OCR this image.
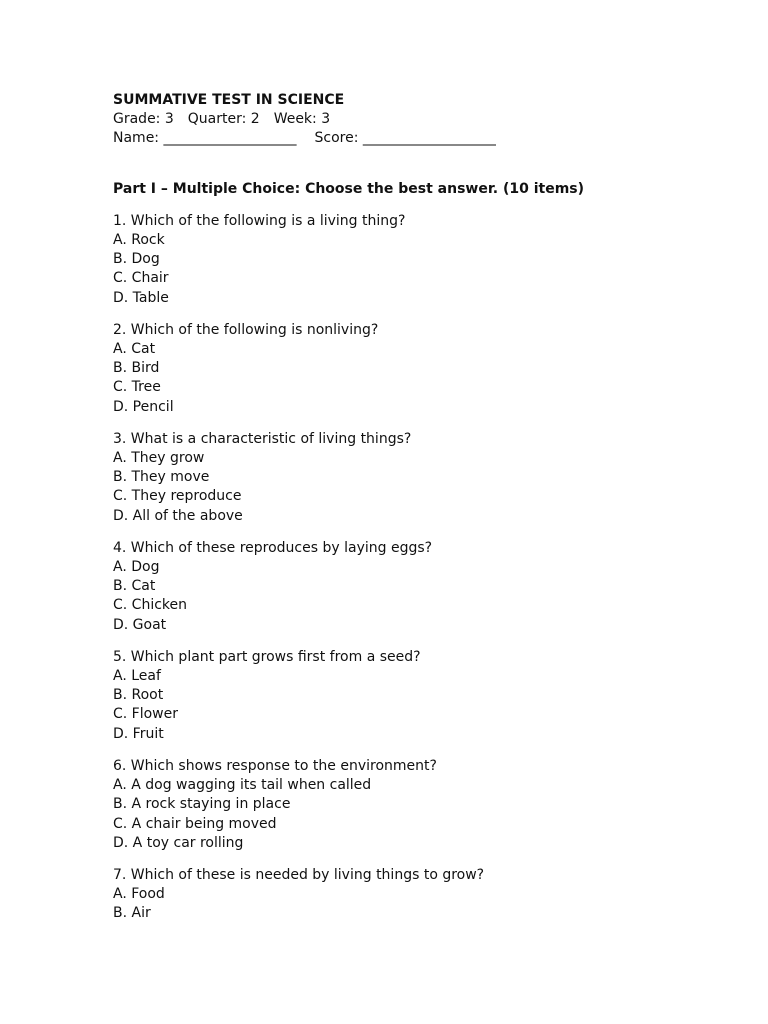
SUMMATIVE TEST IN SCIENCE

Grade: 3 Quarter: 2 Week: 3

Name: ___________________ Score: ___________________

Part I – Multiple Choice: Choose the best answer. (10 items)

1. Which of the following is a living thing?

A. Rock

B. Dog

C. Chair

D. Table

2. Which of the following is nonliving?

A. Cat

B. Bird

C. Tree

D. Pencil

3. What is a characteristic of living things?

A. They grow

B. They move

C. They reproduce

D. All of the above

4. Which of these reproduces by laying eggs?

A. Dog

B. Cat

C. Chicken

D. Goat

5. Which plant part grows first from a seed?

A. Leaf

B. Root

C. Flower

D. Fruit

6. Which shows response to the environment?

A. A dog wagging its tail when called

B. A rock staying in place

C. A chair being moved

D. A toy car rolling

7. Which of these is needed by living things to grow?

A. Food

B. Air
